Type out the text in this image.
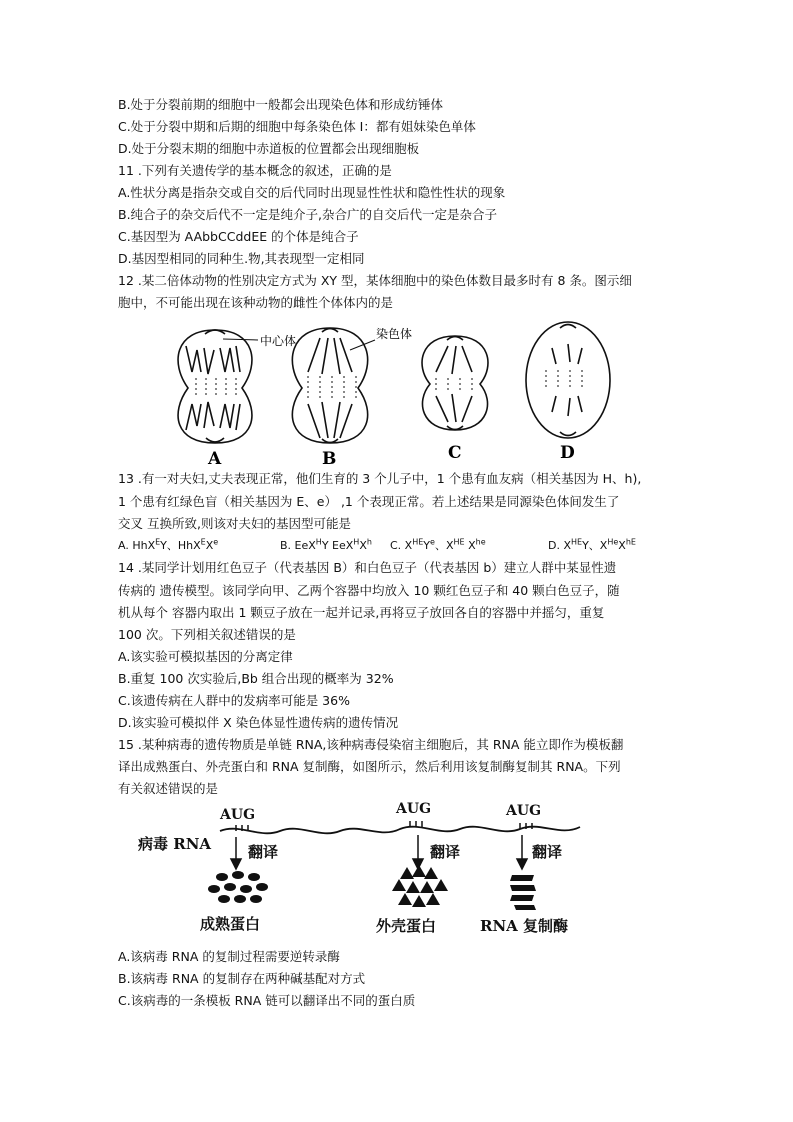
B.处于分裂前期的细胞中一般都会出现染色体和形成纺锤体
C.处于分裂中期和后期的细胞中每条染色体 I：都有姐妹染色单体
D.处于分裂末期的细胞中赤道板的位置都会出现细胞板
11 .下列有关遗传学的基本概念的叙述，正确的是
A.性状分离是指杂交或自交的后代同时出现显性性状和隐性性状的现象
B.纯合子的杂交后代不一定是纯介子,杂合广的自交后代一定是杂合子
C.基因型为 AAbbCCddEE 的个体是纯合子
D.基因型相同的同种生.物,其表现型一定相同
12 .某二倍体动物的性别决定方式为 XY 型，某体细胞中的染色体数目最多时有 8 条。图示细
胞中，不可能出现在该种动物的雌性个体体内的是
中心体	染色体
A	B	C	D
13 .有一对夫妇,丈夫表现正常，他们生育的 3 个儿子中，1 个患有血友病（相关基因为 H、h),
1 个患有红绿色盲（相关基因为 E、e） ,1 个表现正常。若上述结果是同源染色体间发生了
交叉 互换所致,则该对夫妇的基因型可能是
A. HhX$^E$Y、HhX$^E$Xe	B. EeX$^H$Y $EeX^HX^h$ C. $X^{HE}Y^e$、$X^{HE}$ $X^{he}$	D. $X^{HE}Y$、$X^{He}X^{hE}$
14 .某同学计划用红色豆子（代表基因 B）和白色豆子（代表基因 b）建立人群中某显性遗
传病的 遗传模型。该同学向甲、乙两个容器中均放入 10 颗红色豆子和 40 颗白色豆子，随
机从每个 容器内取出 1 颗豆子放在一起并记录,再将豆子放回各自的容器中并摇匀，重复
100 次。下列相关叙述错误的是
A.该实验可模拟基因的分离定律
B.重复 100 次实验后,Bb 组合出现的概率为 32%
C.该遗传病在人群中的发病率可能是 36%
D.该实验可模拟伴 X 染色体显性遗传病的遗传情况
15 .某种病毒的遗传物质是单链 RNA,该种病毒侵染宿主细胞后，其 RNA 能立即作为模板翻
译出成熟蛋白、外壳蛋白和 RNA 复制酶，如图所示，然后利用该复制酶复制其 RNA。下列
有关叙述错误的是
病毒 RNA
AUG	AUG	AUG
翻译	翻译	翻译
成熟蛋白	外壳蛋白	RNA 复制酶
A.该病毒 RNA 的复制过程需要逆转录酶
B.该病毒 RNA 的复制存在两种碱基配对方式
C.该病毒的一条模板 RNA 链可以翻译出不同的蛋白质
